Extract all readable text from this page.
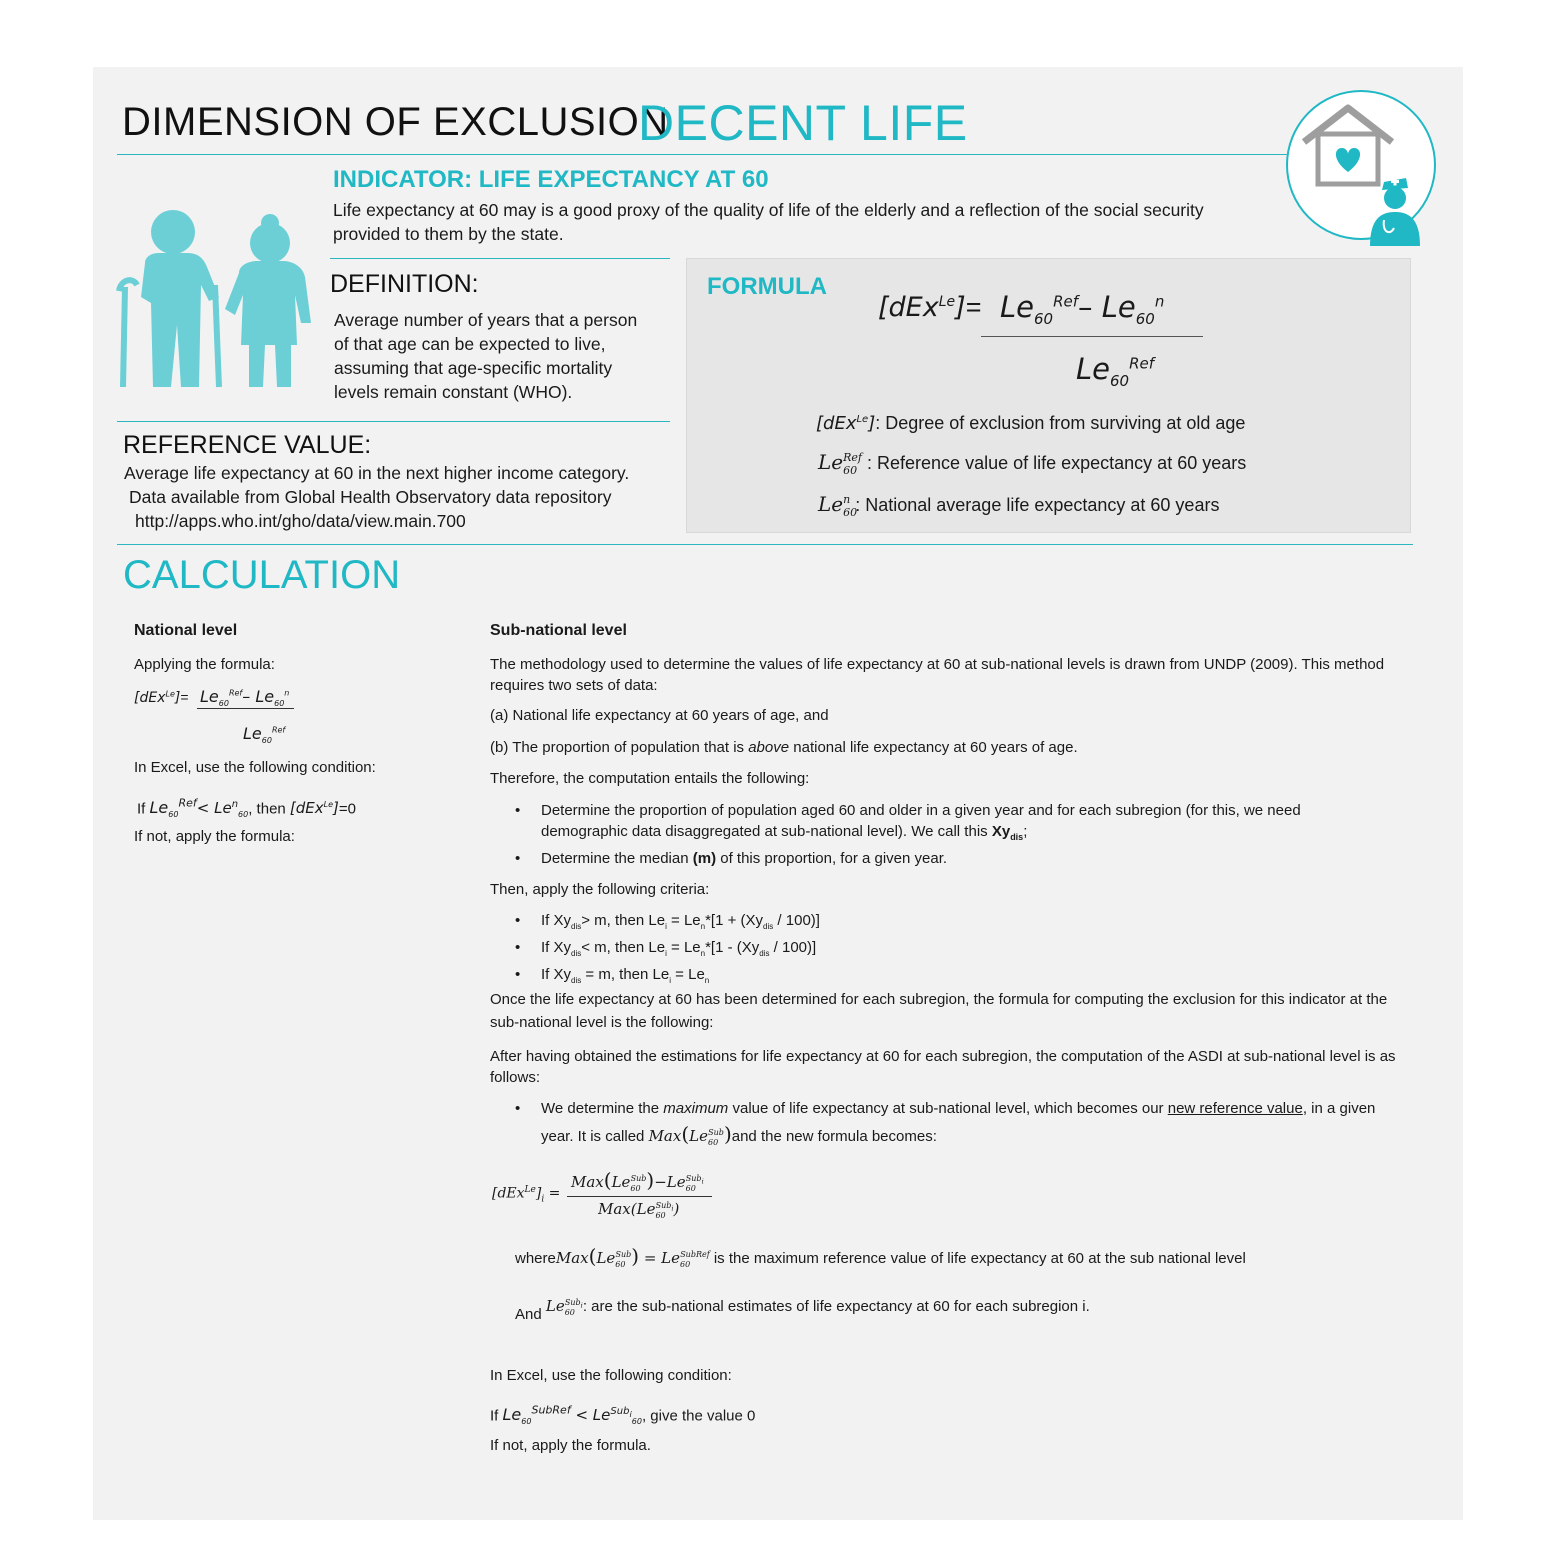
DIMENSION OF EXCLUSION
DECENT LIFE
INDICATOR: LIFE EXPECTANCY AT 60
Life expectancy at 60 may is a good proxy of the quality of life of the elderly and a reflection of the social security
provided to them by the state.
DEFINITION:
Average number of years that a person
of that age can be expected to live,
assuming that age-specific mortality
levels remain constant (WHO).
REFERENCE VALUE:
Average life expectancy at 60 in the next higher income category.
Data available from Global Health Observatory data repository
http://apps.who.int/gho/data/view.main.700
FORMULA
$[dEx^{Le}]= Le_{60}^{Ref}-$ $Le_{60}^n$
$Le_{60}^{Ref}$
[dEx$^{Le}$]: Degree of exclusion from surviving at old age
$Le_{60}^{Ref}$ : Reference value of life expectancy at 60 years
$Le_{60}^n$ : National average life expectancy at 60 years
CALCULATION
National level
Applying the formula:
$[dEx^{Le}]= Le_{60}^{Ref}-$ $Le_{60}^n$
$Le_{60}^{Ref}$
In Excel, use the following condition:
If $Le_{60}^{Ref}< Le^n_{60}$, then [dEx$^{Le}$]=0
If not, apply the formula:
Sub-national level
The methodology used to determine the values of life expectancy at 60 at sub-national levels is drawn from UNDP (2009). This method
requires two sets of data:
(a) National life expectancy at 60 years of age, and
(b) The proportion of population that is above national life expectancy at 60 years of age.
Therefore, the computation entails the following:
• Determine the proportion of population aged 60 and older in a given year and for each subregion (for this, we need
demographic data disaggregated at sub-national level). We call this $Xy_{dis}$;
• Determine the median (m) of this proportion, for a given year.
Then, apply the following criteria:
• If $Xy_{dis}> m$, then $Le_i = Le_n*[1 + (Xy_{dis} / 100)]$
• If $Xy_{dis}< m$, then $Le_i = Le_n*[1 - (Xy_{dis} / 100)]$
• If $Xy_{dis} = m$, then $Le_i = Le_n$
Once the life expectancy at 60 has been determined for each subregion, the formula for computing the exclusion for this indicator at the
sub-national level is the following:
After having obtained the estimations for life expectancy at 60 for each subregion, the computation of the ASDI at sub-national level is as
follows:
• We determine the maximum value of life expectancy at sub-national level, which becomes our new reference value, in a given
year. It is called $Max(Le_{60}^{Sub})and$ the new formula becomes:
$[dEx^{Le}]_i$ =
$Max(Le_{60}^{Sub})-Le_{60}^{Sub_i}$
$Max(Le_{60}^{Sub_i})$
$whereMax(Le_{60}^{Sub}) = Le_{60}^{SubRef}$ is the maximum reference value of life expectancy at 60 at the sub national level
And $Le_{60}^{Sub_i}$: are the sub-national estimates of life expectancy at 60 for each subregion i.
In Excel, use the following condition:
If $Le_{60}^{SubRef} < Le^{Sub_i}_{60}$, give the value 0
If not, apply the formula.
